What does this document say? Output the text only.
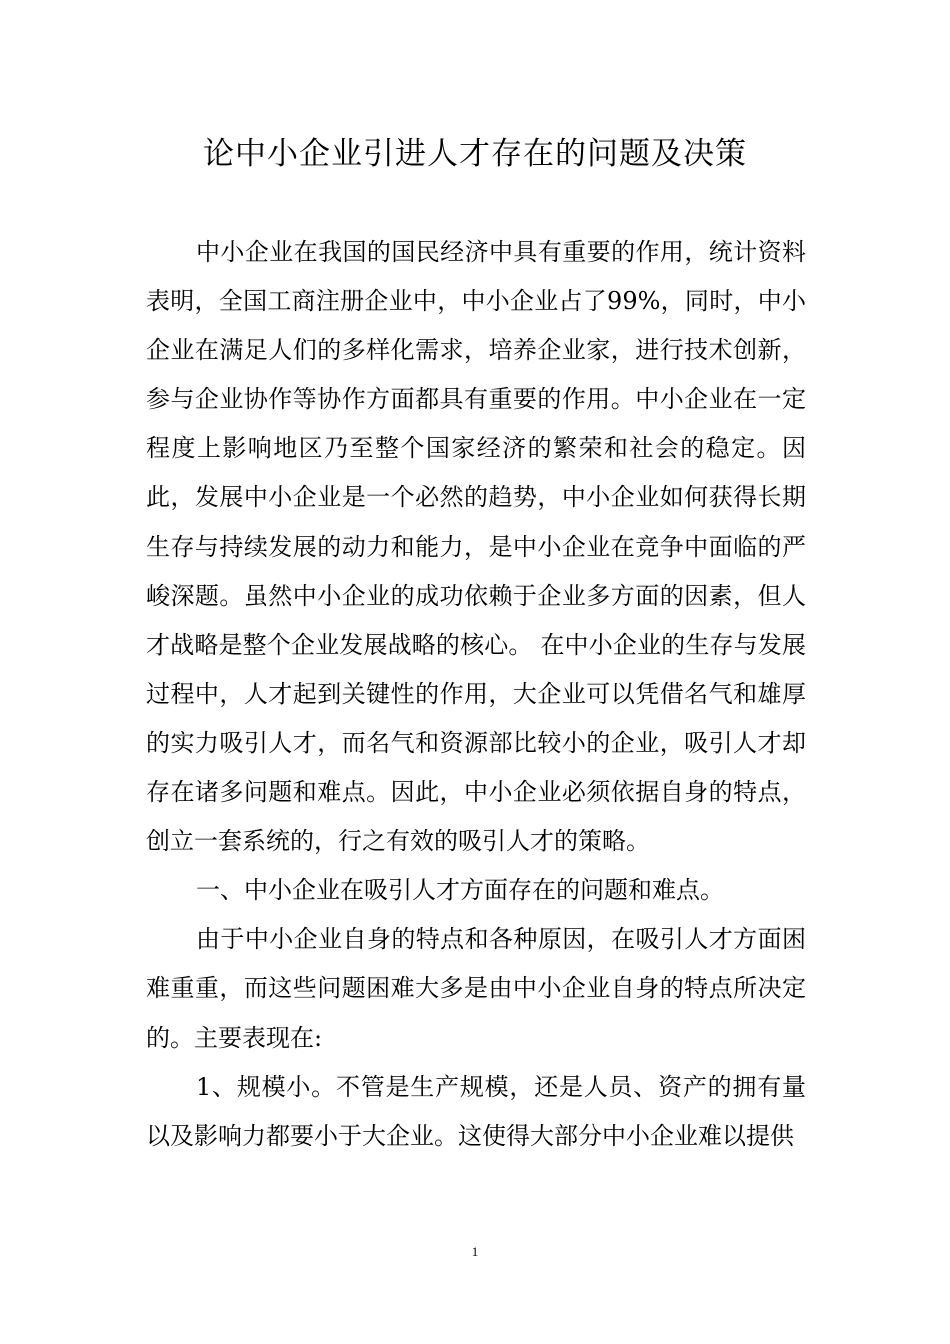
论中小企业引进人才存在的问题及决策

中小企业在我国的国民经济中具有重要的作用，统计资料表明，全国工商注册企业中，中小企业占了99%，同时，中小企业在满足人们的多样化需求，培养企业家，进行技术创新，参与企业协作等协作方面都具有重要的作用。中小企业在一定程度上影响地区乃至整个国家经济的繁荣和社会的稳定。因此，发展中小企业是一个必然的趋势，中小企业如何获得长期生存与持续发展的动力和能力，是中小企业在竞争中面临的严峻深题。虽然中小企业的成功依赖于企业多方面的因素，但人才战略是整个企业发展战略的核心。 在中小企业的生存与发展过程中，人才起到关键性的作用，大企业可以凭借名气和雄厚的实力吸引人才，而名气和资源部比较小的企业，吸引人才却存在诸多问题和难点。因此，中小企业必须依据自身的特点，创立一套系统的，行之有效的吸引人才的策略。

一、中小企业在吸引人才方面存在的问题和难点。

由于中小企业自身的特点和各种原因，在吸引人才方面困难重重，而这些问题困难大多是由中小企业自身的特点所决定的。主要表现在:

1、规模小。不管是生产规模，还是人员、资产的拥有量以及影响力都要小于大企业。这使得大部分中小企业难以提供

1
